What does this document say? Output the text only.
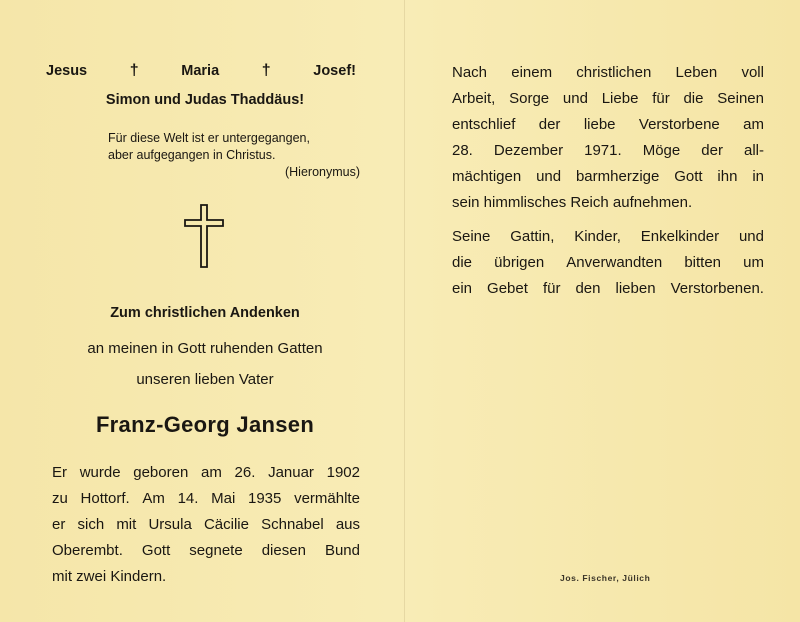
Jesus	†	Maria	†	Josef!
Simon und Judas Thaddäus!
Für diese Welt ist er untergegangen,
aber aufgegangen in Christus.
(Hieronymus)
Zum christlichen Andenken
an meinen in Gott ruhenden Gatten
unseren lieben Vater
Franz-Georg Jansen
Er wurde geboren am 26. Januar 1902
zu Hottorf. Am 14. Mai 1935 vermählte
er sich mit Ursula Cäcilie Schnabel aus
Oberembt. Gott segnete diesen Bund
mit zwei Kindern.
Nach einem christlichen Leben voll
Arbeit, Sorge und Liebe für die Seinen
entschlief der liebe Verstorbene am
28. Dezember 1971. Möge der all-
mächtigen und barmherzige Gott ihn in
sein himmlisches Reich aufnehmen.
Seine Gattin, Kinder, Enkelkinder und
die übrigen Anverwandten bitten um
ein Gebet für den lieben Verstorbenen.
Jos. Fischer, Jülich
